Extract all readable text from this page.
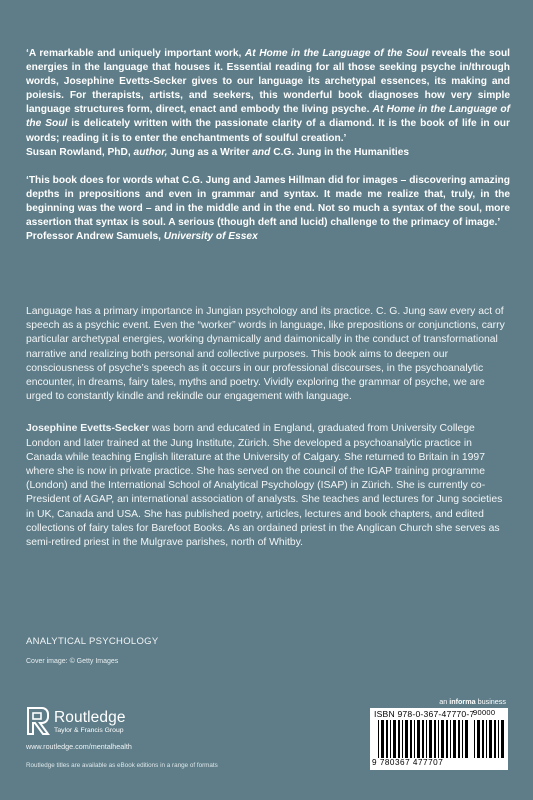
‘A remarkable and uniquely important work, At Home in the Language of the Soul reveals the soul energies in the language that houses it. Essential reading for all those seeking psyche in/through words, Josephine Evetts-Secker gives to our language its archetypal essences, its making and poiesis. For therapists, artists, and seekers, this wonderful book diagnoses how very simple language structures form, direct, enact and embody the living psyche. At Home in the Language of the Soul is delicately written with the passionate clarity of a diamond. It is the book of life in our words; reading it is to enter the enchantments of soulful creation.’

Susan Rowland, PhD, author, Jung as a Writer and C.G. Jung in the Humanities

‘This book does for words what C.G. Jung and James Hillman did for images – discovering amazing depths in prepositions and even in grammar and syntax. It made me realize that, truly, in the beginning was the word – and in the middle and in the end. Not so much a syntax of the soul, more assertion that syntax is soul. A serious (though deft and lucid) challenge to the primacy of image.’

Professor Andrew Samuels, University of Essex

Language has a primary importance in Jungian psychology and its practice. C. G. Jung saw every act of speech as a psychic event. Even the “worker” words in language, like prepositions or conjunctions, carry particular archetypal energies, working dynamically and daimonically in the conduct of transformational narrative and realizing both personal and collective purposes. This book aims to deepen our consciousness of psyche’s speech as it occurs in our professional discourses, in the psychoanalytic encounter, in dreams, fairy tales, myths and poetry. Vividly exploring the grammar of psyche, we are urged to constantly kindle and rekindle our engagement with language.

Josephine Evetts-Secker was born and educated in England, graduated from University College London and later trained at the Jung Institute, Zürich. She developed a psychoanalytic practice in Canada while teaching English literature at the University of Calgary. She returned to Britain in 1997 where she is now in private practice. She has served on the council of the IGAP training programme (London) and the International School of Analytical Psychology (ISAP) in Zürich. She is currently co-President of AGAP, an international association of analysts. She teaches and lectures for Jung societies in UK, Canada and USA. She has published poetry, articles, lectures and book chapters, and edited collections of fairy tales for Barefoot Books. As an ordained priest in the Anglican Church she serves as semi-retired priest in the Mulgrave parishes, north of Whitby.

ANALYTICAL PSYCHOLOGY
Cover image: © Getty Images
Routledge
Taylor & Francis Group
www.routledge.com/mentalhealth
Routledge titles are available as eBook editions in a range of formats
an informa business
ISBN 978-0-367-47770-7
9 780367 477707
90000
